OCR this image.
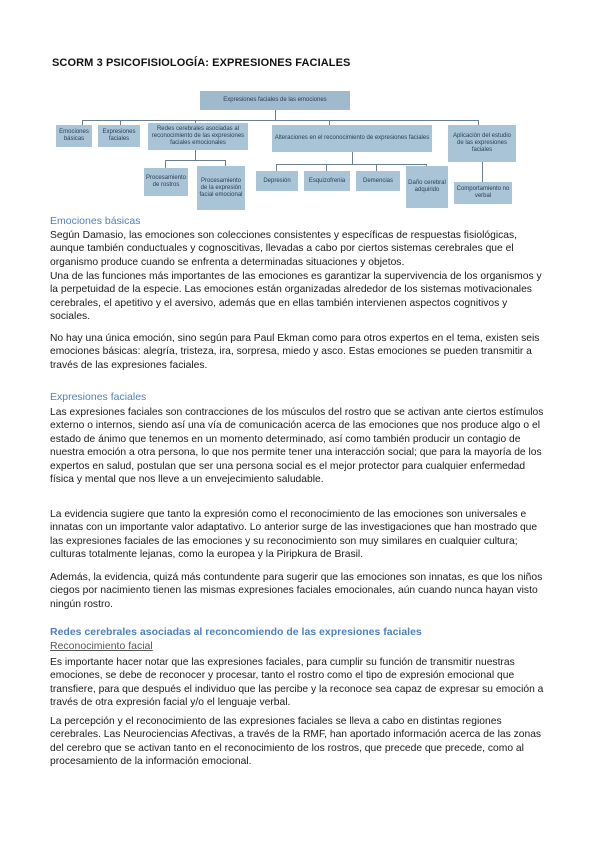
SCORM 3 PSICOFISIOLOGÍA: EXPRESIONES FACIALES
Expresiones faciales de las emociones
Emociones básicas
Expresiones faciales
Redes cerebrales asociadas al reconocimiento de las expresiones faciales emocionales
Alteraciones en el reconocimiento de expresiones faciales	Aplicación del estudio de las expresiones faciales
Procesamiento de rostros
Procesamiento de la expresión facial emocional
Depresión	Esquizofrenia	Demencias	Daño cerebral adquirido	Comportamiento no verbal
Emociones básicas
Según Damasio, las emociones son colecciones consistentes y específicas de respuestas fisiológicas, aunque también conductuales y cognoscitivas, llevadas a cabo por ciertos sistemas cerebrales que el organismo produce cuando se enfrenta a determinadas situaciones y objetos.
Una de las funciones más importantes de las emociones es garantizar la supervivencia de los organismos y la perpetuidad de la especie. Las emociones están organizadas alrededor de los sistemas motivacionales cerebrales, el apetitivo y el aversivo, además que en ellas también intervienen aspectos cognitivos y sociales.
No hay una única emoción, sino según para Paul Ekman como para otros expertos en el tema, existen seis emociones básicas: alegría, tristeza, ira, sorpresa, miedo y asco. Estas emociones se pueden transmitir a través de las expresiones faciales.
Expresiones faciales
Las expresiones faciales son contracciones de los músculos del rostro que se activan ante ciertos estímulos externo o internos, siendo así una vía de comunicación acerca de las emociones que nos produce algo o el estado de ánimo que tenemos en un momento determinado, así como también producir un contagio de nuestra emoción a otra persona, lo que nos permite tener una interacción social; que para la mayoría de los expertos en salud, postulan que ser una persona social es el mejor protector para cualquier enfermedad física y mental que nos lleve a un envejecimiento saludable.
La evidencia sugiere que tanto la expresión como el reconocimiento de las emociones son universales e innatas con un importante valor adaptativo. Lo anterior surge de las investigaciones que han mostrado que las expresiones faciales de las emociones y su reconocimiento son muy similares en cualquier cultura; culturas totalmente lejanas, como la europea y la Piripkura de Brasil.
Además, la evidencia, quizá más contundente para sugerir que las emociones son innatas, es que los niños ciegos por nacimiento tienen las mismas expresiones faciales emocionales, aún cuando nunca hayan visto ningún rostro.
Redes cerebrales asociadas al reconcomiendo de las expresiones faciales
Reconocimiento facial
Es importante hacer notar que las expresiones faciales, para cumplir su función de transmitir nuestras emociones, se debe de reconocer y procesar, tanto el rostro como el tipo de expresión emocional que transfiere, para que después el individuo que las percibe y la reconoce sea capaz de expresar su emoción a través de otra expresión facial y/o el lenguaje verbal.
La percepción y el reconocimiento de las expresiones faciales se lleva a cabo en distintas regiones cerebrales. Las Neurociencias Afectivas, a través de la RMF, han aportado información acerca de las zonas del cerebro que se activan tanto en el reconocimiento de los rostros, que precede que precede, como al procesamiento de la información emocional.
